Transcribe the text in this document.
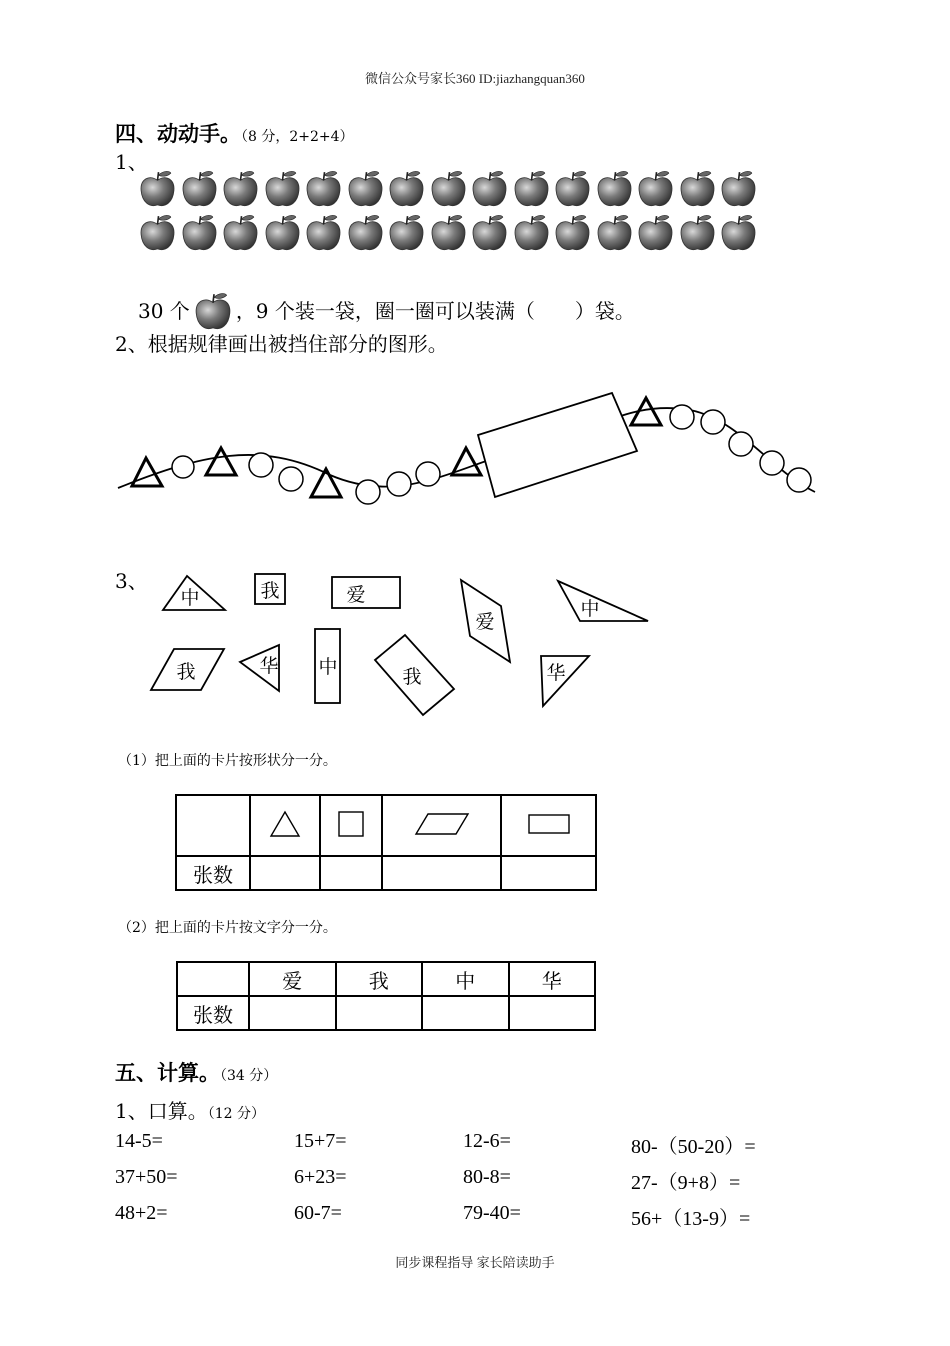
微信公众号家长360 ID:jiazhangquan360
四、动动手。（8 分，2+2+4）
1、
30 个 ，9 个装一袋，圈一圈可以装满（　　）袋。
2、根据规律画出被挡住部分的图形。
3、
中	我	爱
爱
中
我	华 中	我	华
（1）把上面的卡片按形状分一分。

张数				
（2）把上面的卡片按文字分一分。
	爱	我	中	华
张数				
五、计算。（34 分）
1、口算。（12 分）
14-5=	15+7=	12-6=	80-（50-20）=
37+50=	6+23=	80-8=	27-（9+8）=
48+2=	60-7=	79-40=	56+（13-9）=
同步课程指导 家长陪读助手
